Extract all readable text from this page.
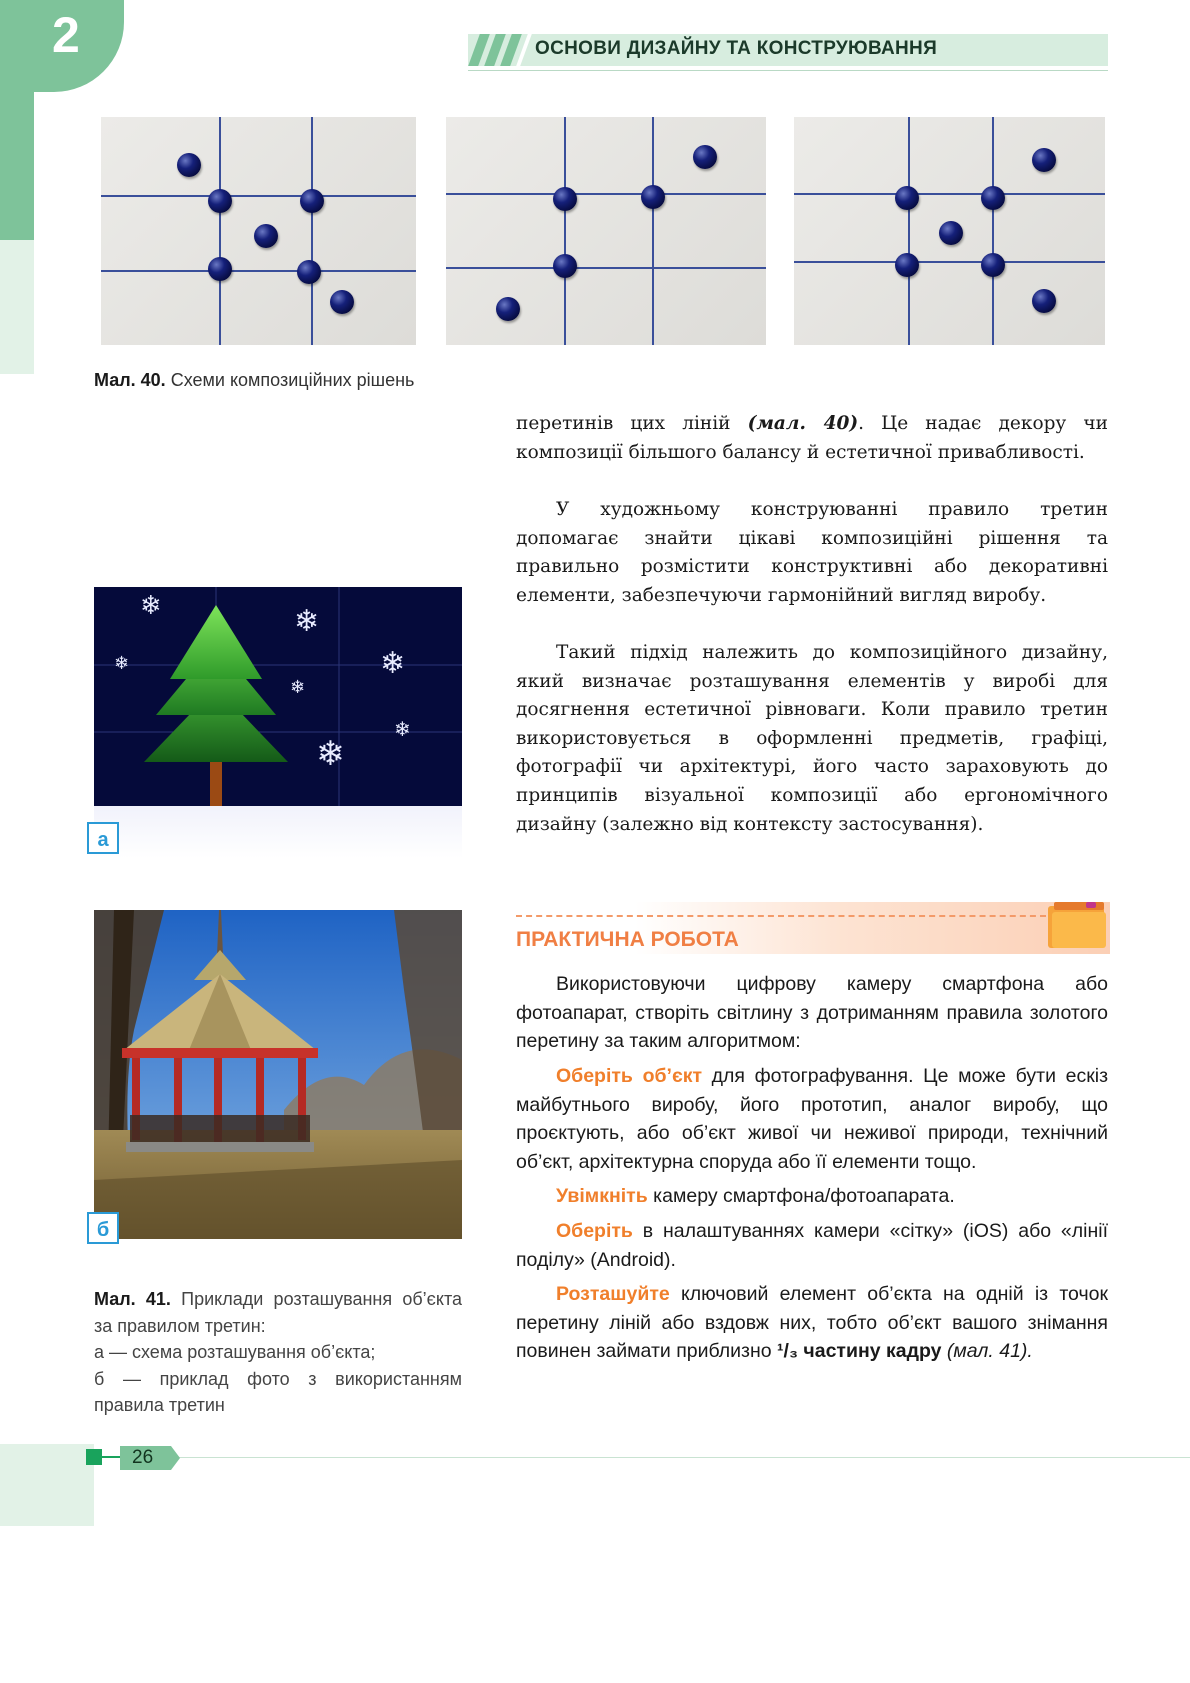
2	ОСНОВИ ДИЗАЙНУ ТА КОНСТРУЮВАННЯ
Мал. 40. Схеми композиційних рішень
перетинів цих ліній (мал. 40). Це надає декору чи композиції більшого балансу й естетичної привабливості.
У художньому конструюванні правило третин допомагає знайти цікаві композиційні рішення та правильно розмістити конструктивні або декоративні елементи, забезпечуючи гармонійний вигляд виробу.
Такий підхід належить до композиційного дизайну, який визначає розташування елементів у виробі для досягнення естетичної рівноваги. Коли правило третин використовується в оформленні предметів, графіці, фотографії чи архітектурі, його часто зараховують до принципів візуальної композиції або ергономічного дизайну (залежно від контексту застосування).
❄	❄
❄	❄
❄
❄
❄
а
б
Мал. 41. Приклади розташування об’єкта за правилом третин:
а — схема розташування об’єкта;
б — приклад фото з використанням правила третин
ПРАКТИЧНА РОБОТА
Використовуючи цифрову камеру смартфона або фотоапарат, створіть світлину з дотриманням правила золотого перетину за таким алгоритмом:
Оберіть об’єкт для фотографування. Це може бути ескіз майбутнього виробу, його прототип, аналог виробу, що проєктують, або об’єкт живої чи неживої природи, технічний об’єкт, архітектурна споруда або її елементи тощо.
Увімкніть камеру смартфона/фотоапарата.
Оберіть в налаштуваннях камери «сітку» (iOS) або «лінії поділу» (Android).
Розташуйте ключовий елемент об’єкта на одній із точок перетину ліній або вздовж них, тобто об’єкт вашого знімання повинен займати приблизно ¹/₃ частину кадру (мал. 41).
26
